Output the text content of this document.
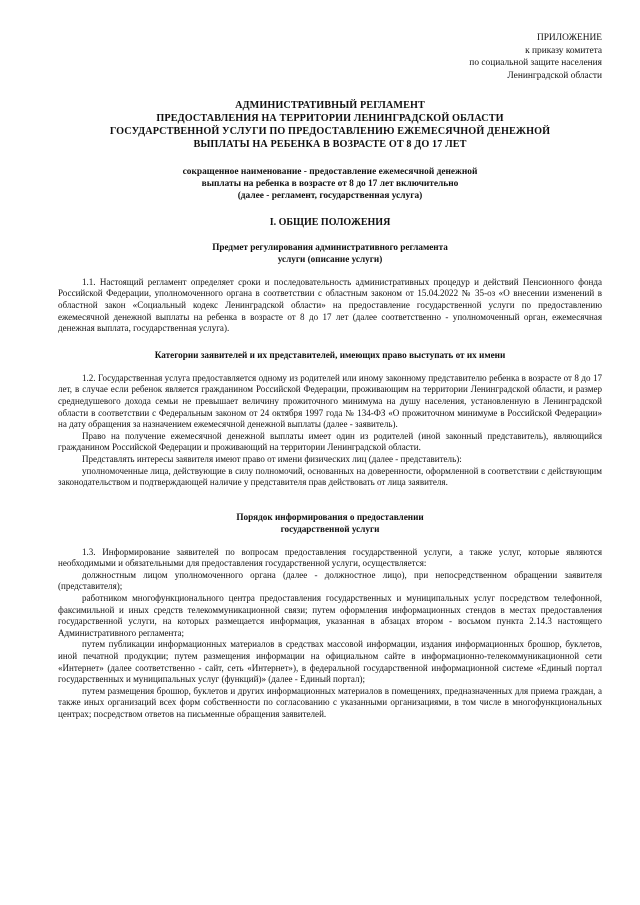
ПРИЛОЖЕНИЕ
к приказу комитета
по социальной защите населения
Ленинградской области
АДМИНИСТРАТИВНЫЙ РЕГЛАМЕНТ
ПРЕДОСТАВЛЕНИЯ НА ТЕРРИТОРИИ ЛЕНИНГРАДСКОЙ ОБЛАСТИ
ГОСУДАРСТВЕННОЙ УСЛУГИ ПО ПРЕДОСТАВЛЕНИЮ ЕЖЕМЕСЯЧНОЙ ДЕНЕЖНОЙ
ВЫПЛАТЫ НА РЕБЕНКА В ВОЗРАСТЕ ОТ 8 ДО 17 ЛЕТ
сокращенное наименование - предоставление ежемесячной денежной
выплаты на ребенка в возрасте от 8 до 17 лет включительно
(далее - регламент, государственная услуга)
I. ОБЩИЕ ПОЛОЖЕНИЯ
Предмет регулирования административного регламента
услуги (описание услуги)

1.1. Настоящий регламент определяет сроки и последовательность административных процедур и действий Пенсионного фонда Российской Федерации, уполномоченного органа в соответствии с областным законом от 15.04.2022 № 35-оз «О внесении изменений в областной закон «Социальный кодекс Ленинградской области» на предоставление государственной услуги по предоставлению ежемесячной денежной выплаты на ребенка в возрасте от 8 до 17 лет (далее соответственно - уполномоченный орган, ежемесячная денежная выплата, государственная услуга).

Категории заявителей и их представителей, имеющих право выступать от их имени

1.2. Государственная услуга предоставляется одному из родителей или иному законному представителю ребенка в возрасте от 8 до 17 лет, в случае если ребенок является гражданином Российской Федерации, проживающим на территории Ленинградской области, и размер среднедушевого дохода семьи не превышает величину прожиточного минимума на душу населения, установленную в Ленинградской области в соответствии с Федеральным законом от 24 октября 1997 года № 134-ФЗ «О прожиточном минимуме в Российской Федерации» на дату обращения за назначением ежемесячной денежной выплаты (далее - заявитель).

Право на получение ежемесячной денежной выплаты имеет один из родителей (иной законный представитель), являющийся гражданином Российской Федерации и проживающий на территории Ленинградской области.

Представлять интересы заявителя имеют право от имени физических лиц (далее - представитель):

уполномоченные лица, действующие в силу полномочий, основанных на доверенности, оформленной в соответствии с действующим законодательством и подтверждающей наличие у представителя прав действовать от лица заявителя.

Порядок информирования о предоставлении
государственной услуги

1.3. Информирование заявителей по вопросам предоставления государственной услуги, а также услуг, которые являются необходимыми и обязательными для предоставления государственной услуги, осуществляется:

должностным лицом уполномоченного органа (далее - должностное лицо), при непосредственном обращении заявителя (представителя);

работником многофункционального центра предоставления государственных и муниципальных услуг посредством телефонной, факсимильной и иных средств телекоммуникационной связи; путем оформления информационных стендов в местах предоставления государственной услуги, на которых размещается информация, указанная в абзацах втором - восьмом пункта 2.14.3 настоящего Административного регламента;

путем публикации информационных материалов в средствах массовой информации, издания информационных брошюр, буклетов, иной печатной продукции; путем размещения информации на официальном сайте в информационно-телекоммуникационной сети «Интернет» (далее соответственно - сайт, сеть «Интернет»), в федеральной государственной информационной системе «Единый портал государственных и муниципальных услуг (функций)» (далее - Единый портал);

путем размещения брошюр, буклетов и других информационных материалов в помещениях, предназначенных для приема граждан, а также иных организаций всех форм собственности по согласованию с указанными организациями, в том числе в многофункциональных центрах; посредством ответов на письменные обращения заявителей.
